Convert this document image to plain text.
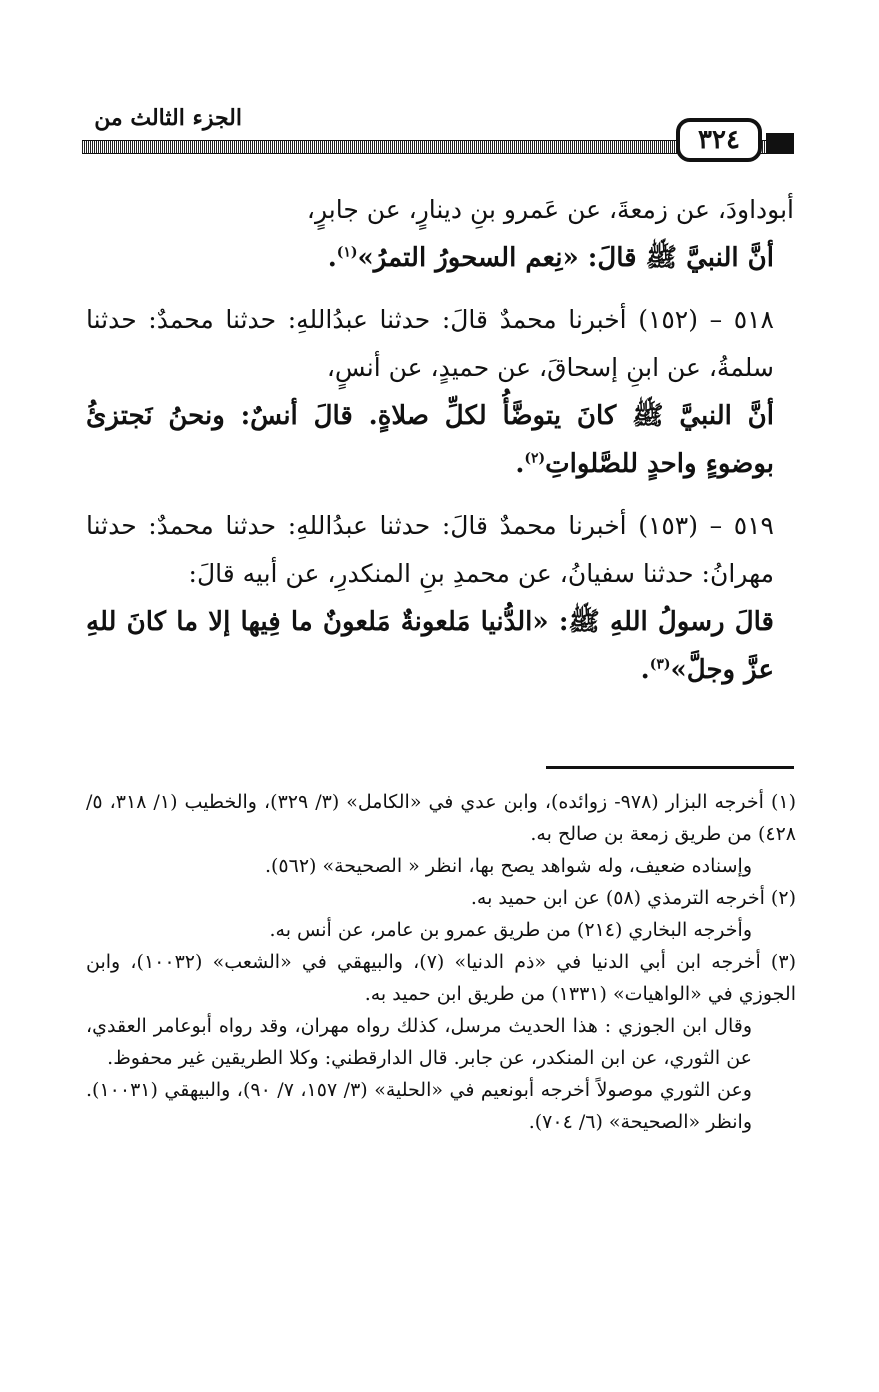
الجزء الثالث من
٣٢٤

أبوداودَ، عن زمعةَ، عن عَمرو بنِ دينارٍ، عن جابرٍ،

أنَّ النبيَّ ﷺ قالَ: «نِعم السحورُ التمرُ»$^{(١)}$.

٥١٨ – (١٥٢) أخبرنا محمدٌ قالَ: حدثنا عبدُاللهِ: حدثنا محمدٌ: حدثنا سلمةُ، عن ابنِ إسحاقَ، عن حميدٍ، عن أنسٍ،

أنَّ النبيَّ ﷺ كانَ يتوضَّأُ لكلِّ صلاةٍ. قالَ أنسٌ: ونحنُ نَجتزئُ بوضوءٍ واحدٍ للصَّلواتِ$^{(٢)}$.

٥١٩ – (١٥٣) أخبرنا محمدٌ قالَ: حدثنا عبدُاللهِ: حدثنا محمدٌ: حدثنا مهرانُ: حدثنا سفيانُ، عن محمدِ بنِ المنكدرِ، عن أبيه قالَ:

قالَ رسولُ اللهِ ﷺ: «الدُّنيا مَلعونةٌ مَلعونٌ ما فِيها إلا ما كانَ للهِ عزَّ وجلَّ»$^{(٣)}$.

(١) أخرجه البزار (٩٧٨- زوائده)، وابن عدي في «الكامل» (٣/ ٣٢٩)، والخطيب (١/ ٣١٨، ٥/ ٤٢٨) من طريق زمعة بن صالح به.

وإسناده ضعيف، وله شواهد يصح بها، انظر « الصحيحة» (٥٦٢).

(٢) أخرجه الترمذي (٥٨) عن ابن حميد به.

وأخرجه البخاري (٢١٤) من طريق عمرو بن عامر، عن أنس به.

(٣) أخرجه ابن أبي الدنيا في «ذم الدنيا» (٧)، والبيهقي في «الشعب» (١٠٠٣٢)، وابن الجوزي في «الواهيات» (١٣٣١) من طريق ابن حميد به.

وقال ابن الجوزي : هذا الحديث مرسل، كذلك رواه مهران، وقد رواه أبوعامر العقدي، عن الثوري، عن ابن المنكدر، عن جابر. قال الدارقطني: وكلا الطريقين غير محفوظ.

وعن الثوري موصولاً أخرجه أبونعيم في «الحلية» (٣/ ١٥٧، ٧/ ٩٠)، والبيهقي (١٠٠٣١). وانظر «الصحيحة» (٦/ ٧٠٤).
